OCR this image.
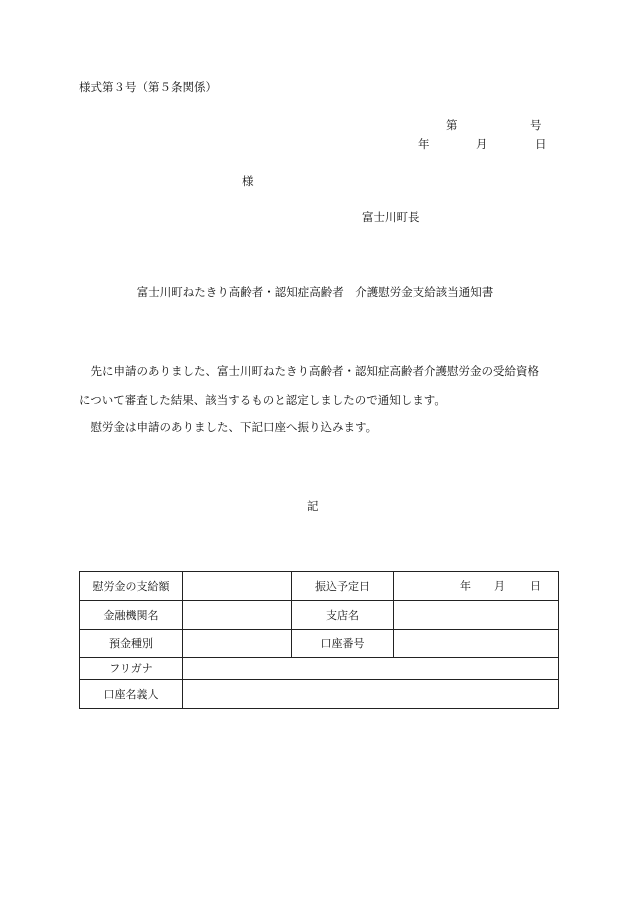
様式第３号（第５条関係）
第	号
年	月	日
様
富士川町長
富士川町ねたきり高齢者・認知症高齢者　介護慰労金支給該当通知書
　先に申請のありました、富士川町ねたきり高齢者・認知症高齢者介護慰労金の受給資格
について審査した結果、該当するものと認定しましたので通知します。
　慰労金は申請のありました、下記口座へ振り込みます。
記
慰労金の支給額		振込予定日	年 月 日

金融機関名		支店名	
預金種別		口座番号	
フリガナ			
口座名義人			
